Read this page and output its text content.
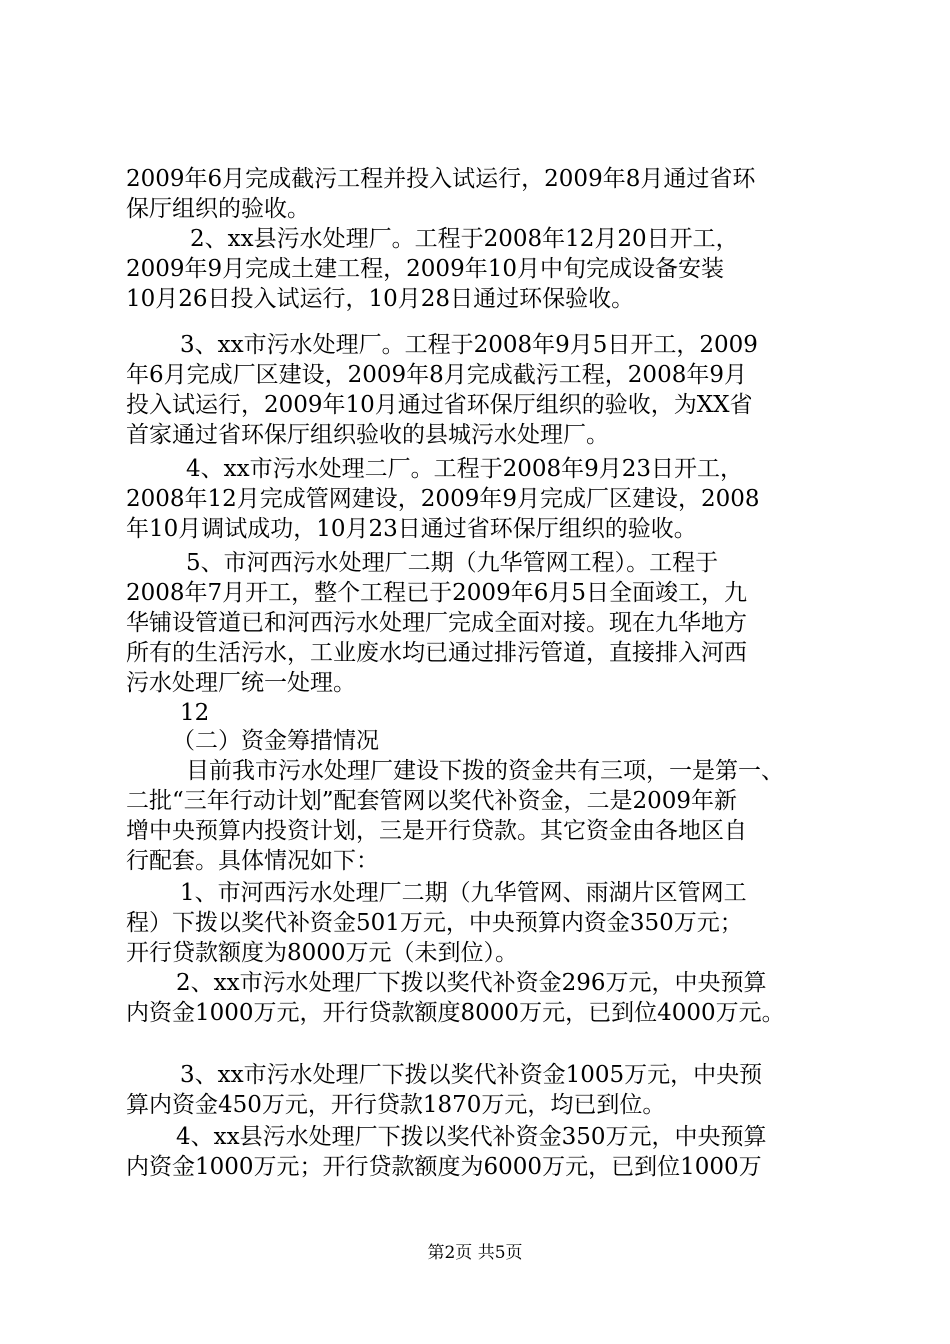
2009年6月完成截污工程并投入试运行，2009年8月通过省环
保厅组织的验收。
2、xx县污水处理厂。工程于2008年12月20日开工，
2009年9月完成土建工程，2009年10月中旬完成设备安装
10月26日投入试运行，10月28日通过环保验收。
3、xx市污水处理厂。工程于2008年9月5日开工，2009
年6月完成厂区建设，2009年8月完成截污工程，2008年9月
投入试运行，2009年10月通过省环保厅组织的验收，为XX省
首家通过省环保厅组织验收的县城污水处理厂。
4、xx市污水处理二厂。工程于2008年9月23日开工，
2008年12月完成管网建设，2009年9月完成厂区建设，2008
年10月调试成功，10月23日通过省环保厅组织的验收。
5、市河西污水处理厂二期（九华管网工程）。工程于
2008年7月开工，整个工程已于2009年6月5日全面竣工，九
华铺设管道已和河西污水处理厂完成全面对接。现在九华地方
所有的生活污水，工业废水均已通过排污管道，直接排入河西
污水处理厂统一处理。
12
（二）资金筹措情况
目前我市污水处理厂建设下拨的资金共有三项，一是第一、
二批“三年行动计划”配套管网以奖代补资金，二是2009年新
增中央预算内投资计划，三是开行贷款。其它资金由各地区自
行配套。具体情况如下：
1、市河西污水处理厂二期（九华管网、雨湖片区管网工
程）下拨以奖代补资金501万元，中央预算内资金350万元；
开行贷款额度为8000万元（未到位）。
2、xx市污水处理厂下拨以奖代补资金296万元，中央预算
内资金1000万元，开行贷款额度8000万元，已到位4000万元。
3、xx市污水处理厂下拨以奖代补资金1005万元，中央预
算内资金450万元，开行贷款1870万元，均已到位。
4、xx县污水处理厂下拨以奖代补资金350万元，中央预算
内资金1000万元；开行贷款额度为6000万元，已到位1000万
第2页 共5页
